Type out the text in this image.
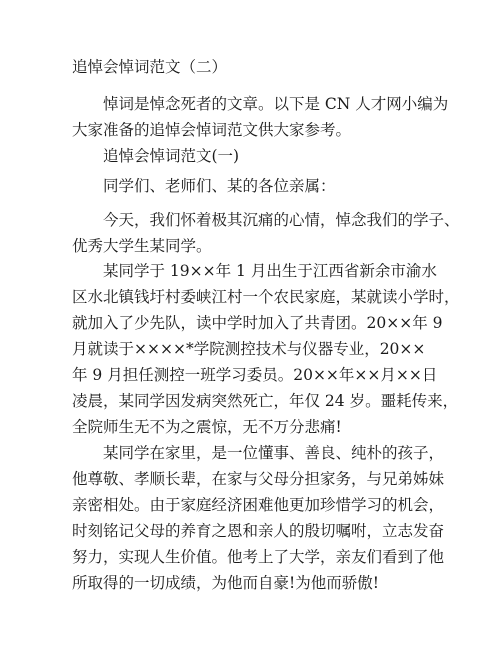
追悼会悼词范文（二）
悼词是悼念死者的文章。以下是 CN 人才网小编为
大家准备的追悼会悼词范文供大家参考。
追悼会悼词范文(一)
同学们、老师们、某的各位亲属：
今天，我们怀着极其沉痛的心情，悼念我们的学子、
优秀大学生某同学。
某同学于 19××年 1 月出生于江西省新余市渝水
区水北镇钱圩村委峡江村一个农民家庭，某就读小学时，
就加入了少先队，读中学时加入了共青团。20××年 9
月就读于××××*学院测控技术与仪器专业，20××
年 9 月担任测控一班学习委员。20××年××月××日
凌晨，某同学因发病突然死亡，年仅 24 岁。噩耗传来，
全院师生无不为之震惊，无不万分悲痛!
某同学在家里，是一位懂事、善良、纯朴的孩子，
他尊敬、孝顺长辈，在家与父母分担家务，与兄弟姊妹
亲密相处。由于家庭经济困难他更加珍惜学习的机会，
时刻铭记父母的养育之恩和亲人的殷切嘱咐，立志发奋
努力，实现人生价值。他考上了大学，亲友们看到了他
所取得的一切成绩，为他而自豪!为他而骄傲!
